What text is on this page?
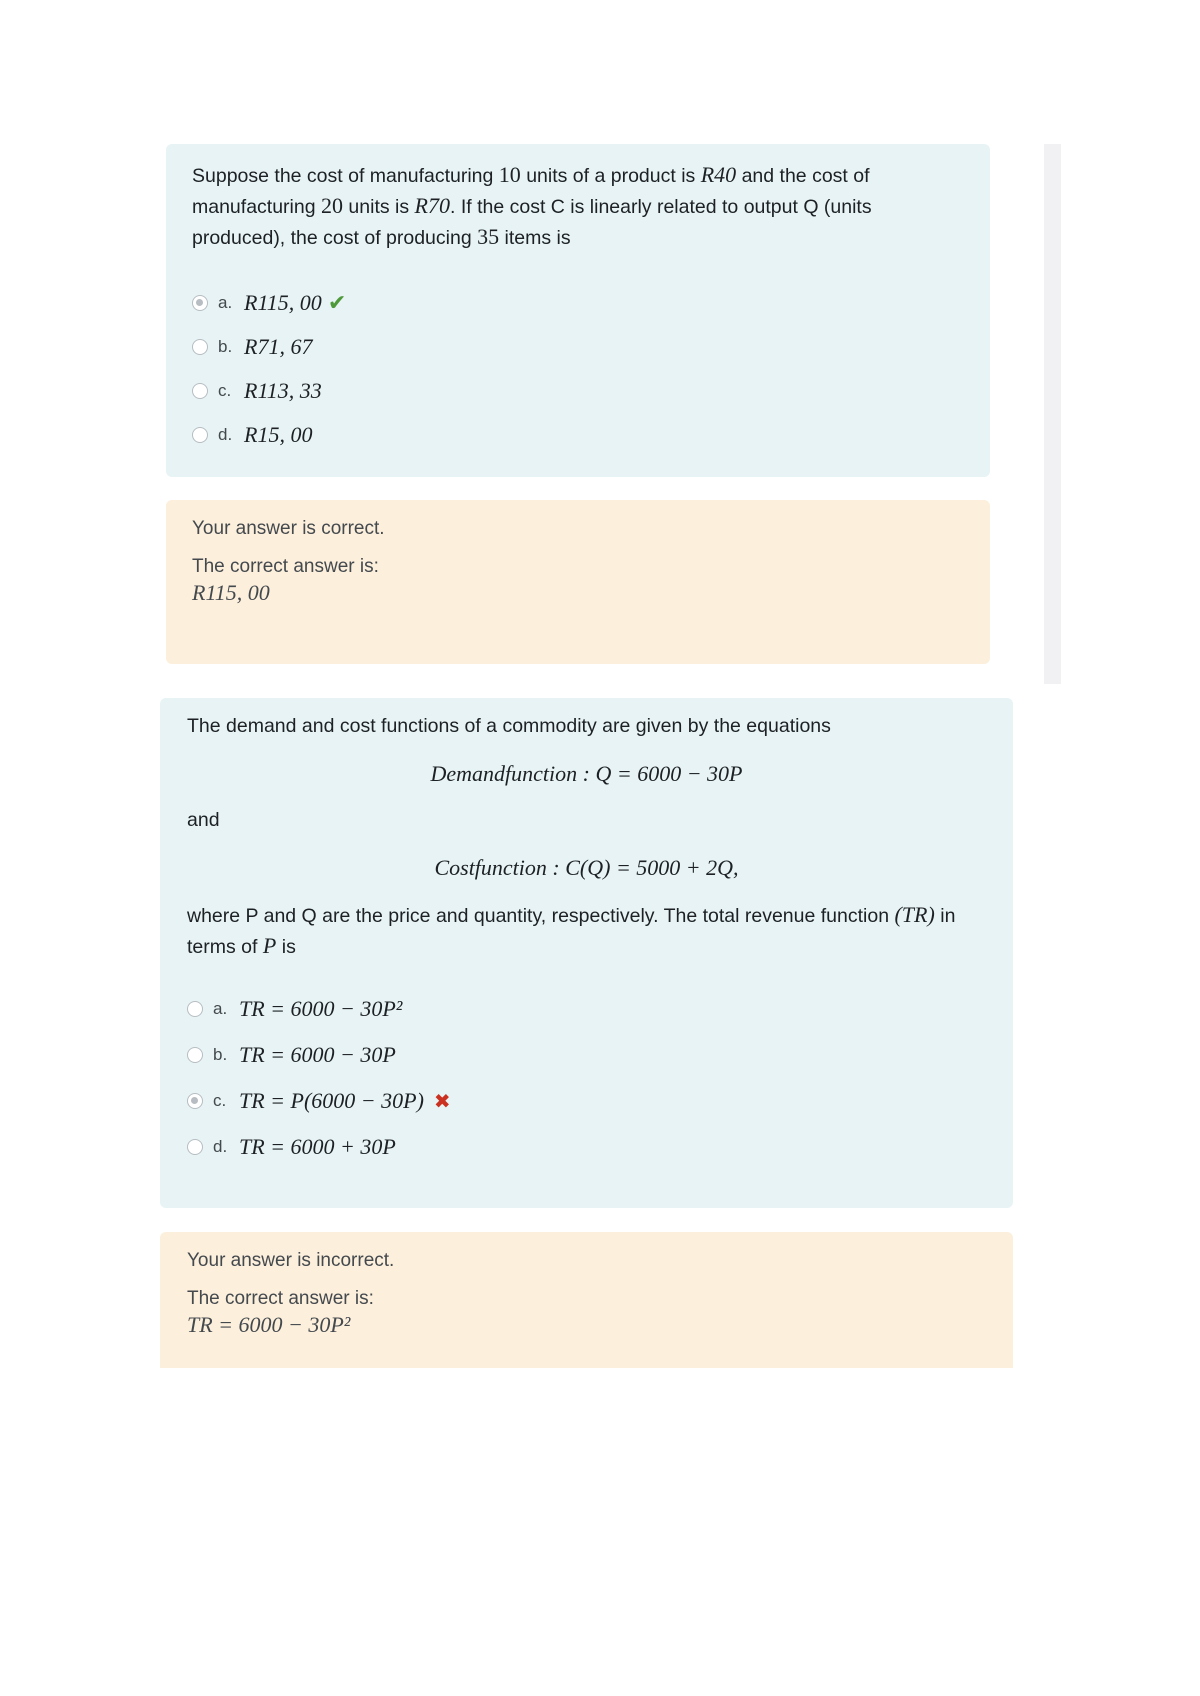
Suppose the cost of manufacturing 10 units of a product is R40 and the cost of manufacturing 20 units is R70. If the cost C is linearly related to output Q (units produced), the cost of producing 35 items is
a. R115, 00 ✔
b. R71, 67
c. R113, 33
d. R15, 00

Your answer is correct.

The correct answer is:

R115, 00

The demand and cost functions of a commodity are given by the equations

Demandfunction : Q = 6000 − 30P

and

Costfunction : C(Q) = 5000 + 2Q,

where P and Q are the price and quantity, respectively. The total revenue function (TR) in terms of P is

a. TR = 6000 − 30P²
b. TR = 6000 − 30P
c. TR = P(6000 − 30P) ✖
d. TR = 6000 + 30P

Your answer is incorrect.

The correct answer is:

TR = 6000 − 30P²
